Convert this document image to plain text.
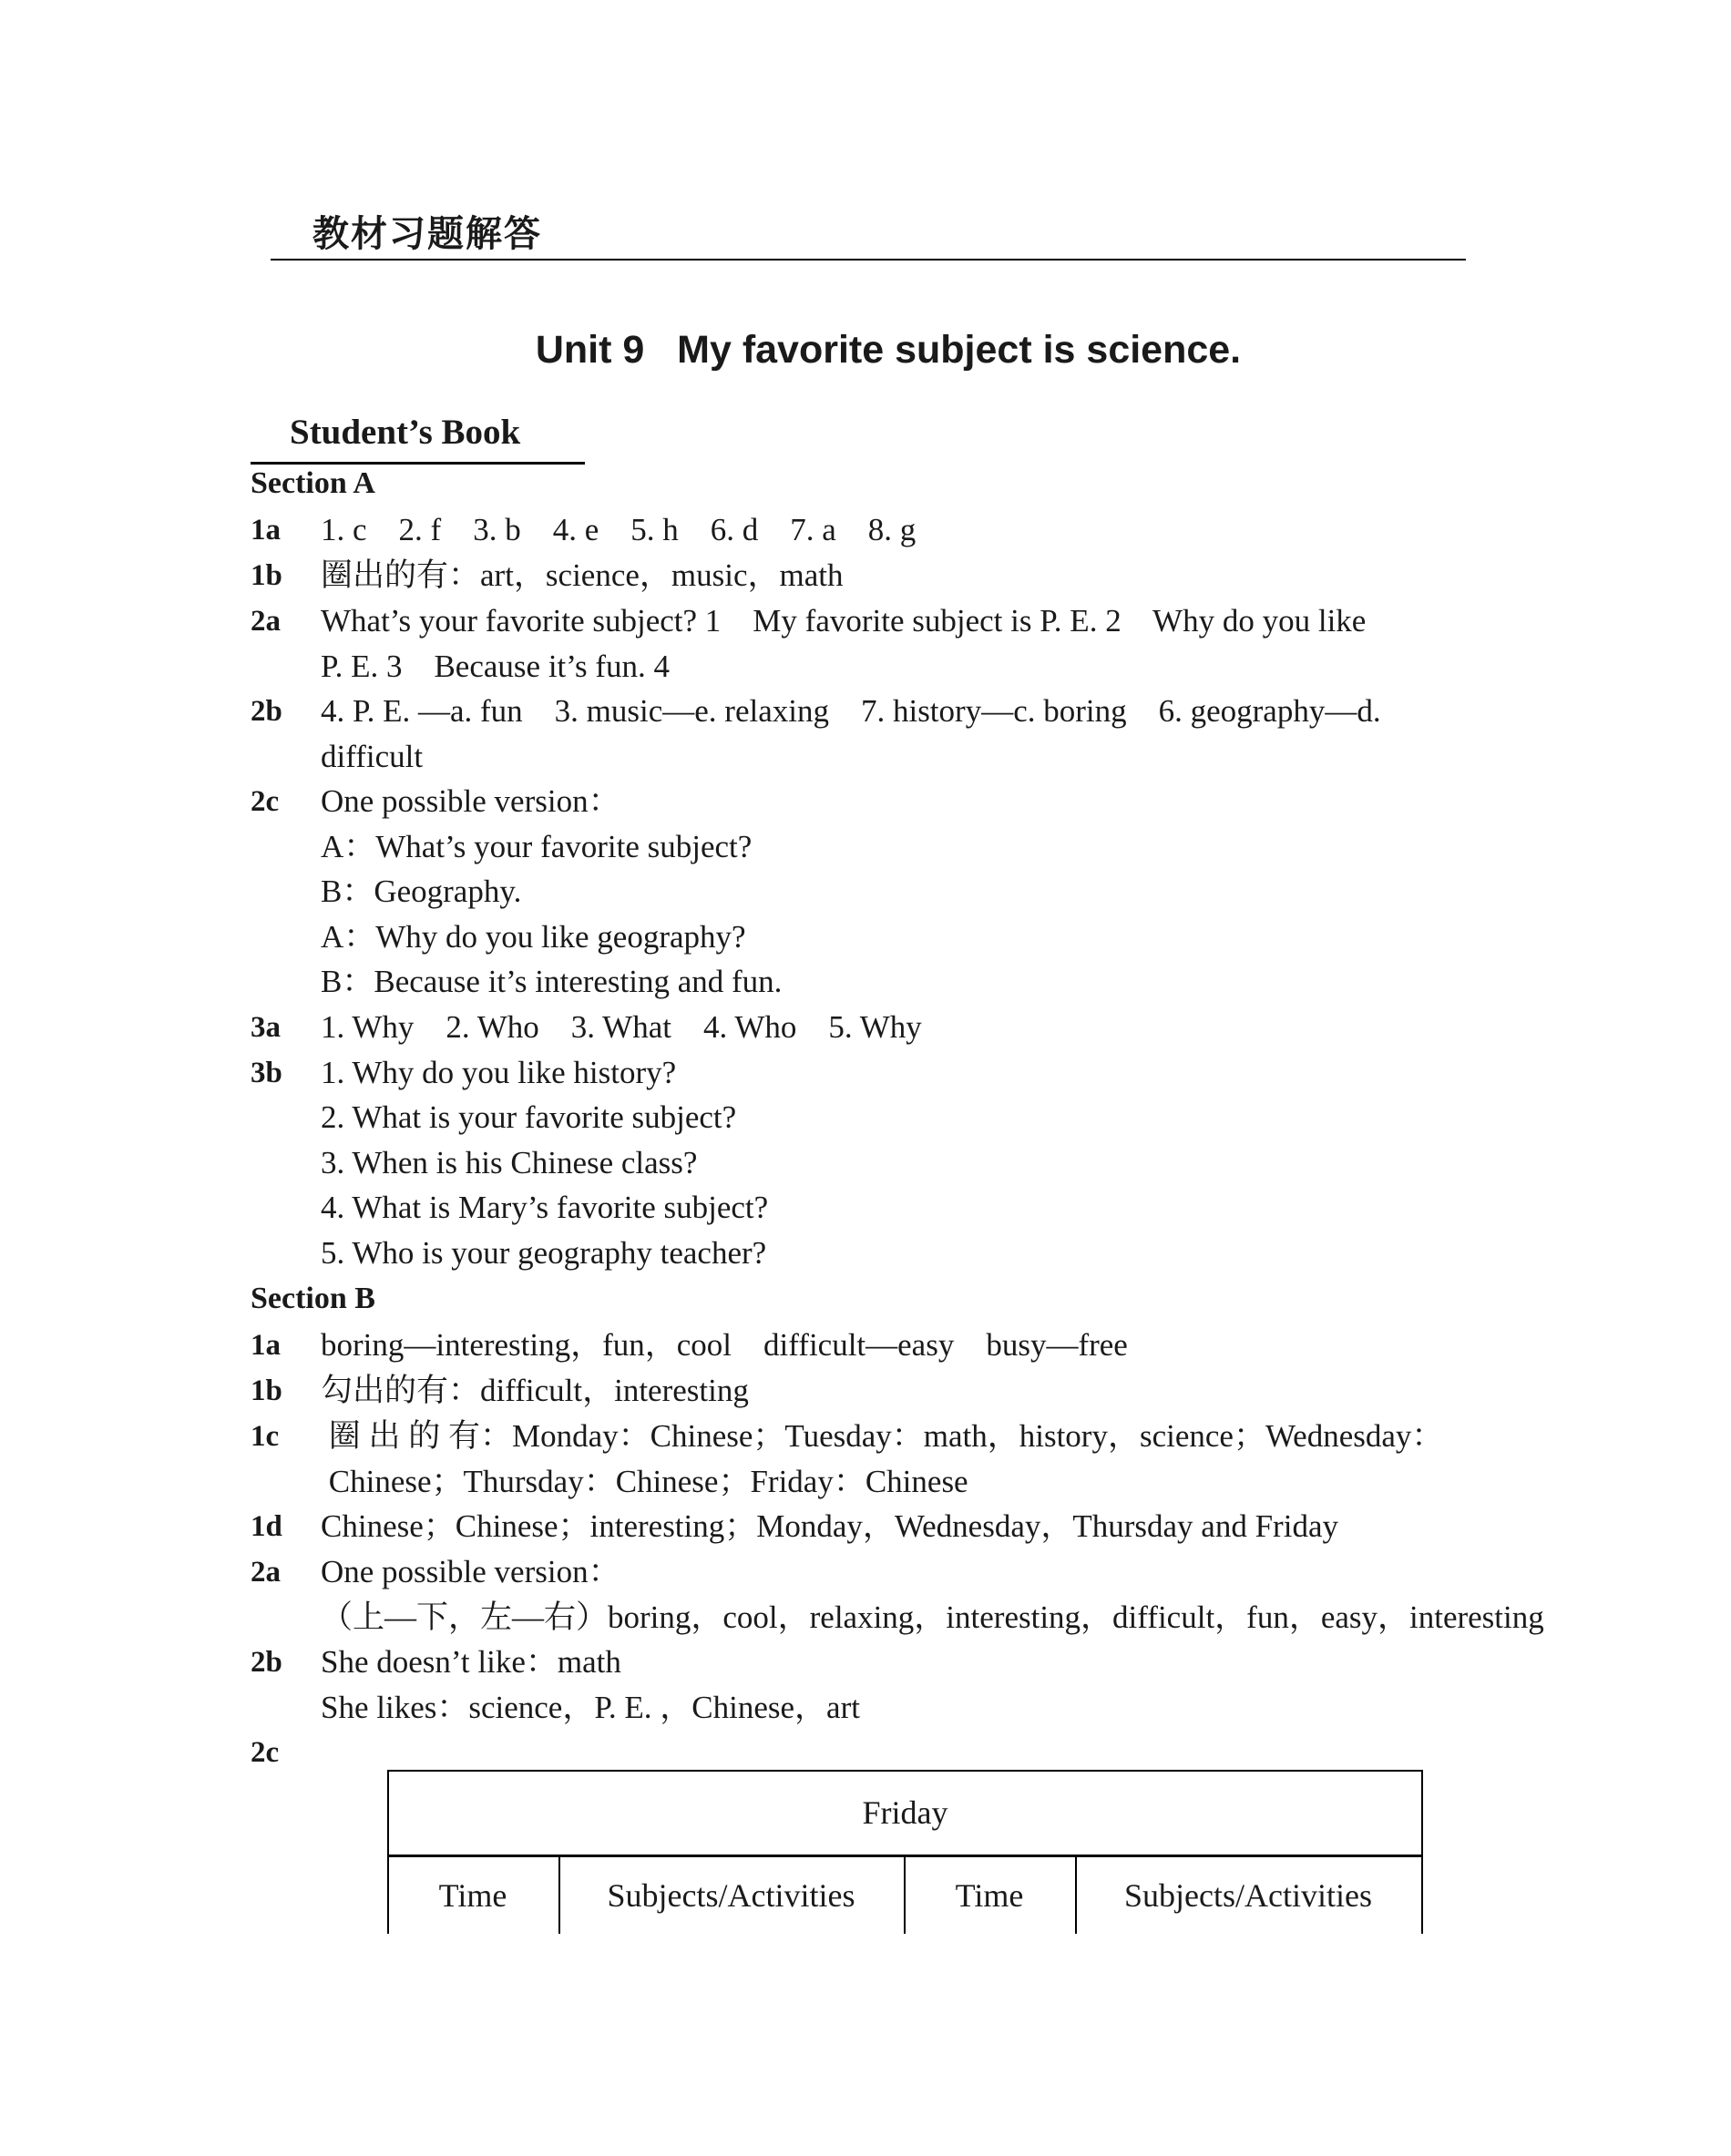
教材习题解答
Unit 9   My favorite subject is science.
Student’s Book
Section A
1a	1. c    2. f    3. b    4. e    5. h    6. d    7. a    8. g
1b	圈出的有：art，science，music，math
2a	What’s your favorite subject? 1    My favorite subject is P. E. 2    Why do you like
P. E. 3    Because it’s fun. 4
2b	4. P. E. —a. fun    3. music—e. relaxing    7. history—c. boring    6. geography—d.
difficult
2c	One possible version：
A：What’s your favorite subject?
B：Geography.
A：Why do you like geography?
B：Because it’s interesting and fun.
3a	1. Why    2. Who    3. What    4. Who    5. Why
3b	1. Why do you like history?
2. What is your favorite subject?
3. When is his Chinese class?
4. What is Mary’s favorite subject?
5. Who is your geography teacher?
Section B
1a	boring—interesting，fun，cool    difficult—easy    busy—free
1b	勾出的有：difficult，interesting
1c	圈 出 的 有：Monday：Chinese；Tuesday：math，history，science；Wednesday：
Chinese；Thursday：Chinese；Friday：Chinese
1d	Chinese；Chinese；interesting；Monday，Wednesday，Thursday and Friday
2a	One possible version：
（上—下，左—右）boring，cool，relaxing，interesting，difficult，fun，easy，interesting
2b	She doesn’t like：math
She likes：science，P. E. ，Chinese，art
2c

Friday
Time	Subjects/Activities	Time	Subjects/Activities
